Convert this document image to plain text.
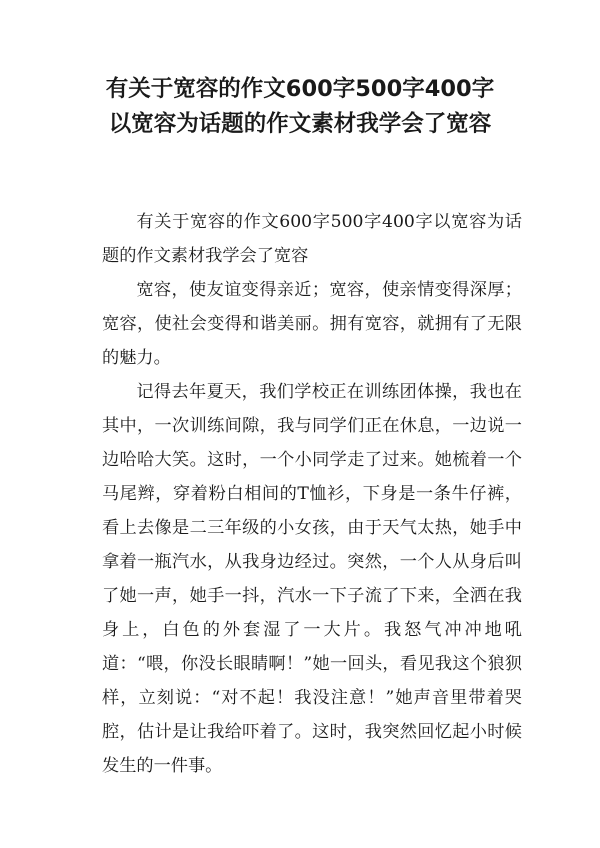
有关于宽容的作文600字500字400字以宽容为话题的作文素材我学会了宽容

有关于宽容的作文600字500字400字以宽容为话题的作文素材我学会了宽容

宽容，使友谊变得亲近；宽容，使亲情变得深厚；宽容，使社会变得和谐美丽。拥有宽容，就拥有了无限的魅力。

记得去年夏天，我们学校正在训练团体操，我也在其中，一次训练间隙，我与同学们正在休息，一边说一边哈哈大笑。这时，一个小同学走了过来。她梳着一个马尾辫，穿着粉白相间的T恤衫，下身是一条牛仔裤，看上去像是二三年级的小女孩，由于天气太热，她手中拿着一瓶汽水，从我身边经过。突然，一个人从身后叫了她一声，她手一抖，汽水一下子流了下来，全洒在我身上，白色的外套湿了一大片。我怒气冲冲地吼道：“喂，你没长眼睛啊！”她一回头，看见我这个狼狈样，立刻说：“对不起！我没注意！”她声音里带着哭腔，估计是让我给吓着了。这时，我突然回忆起小时候发生的一件事。
